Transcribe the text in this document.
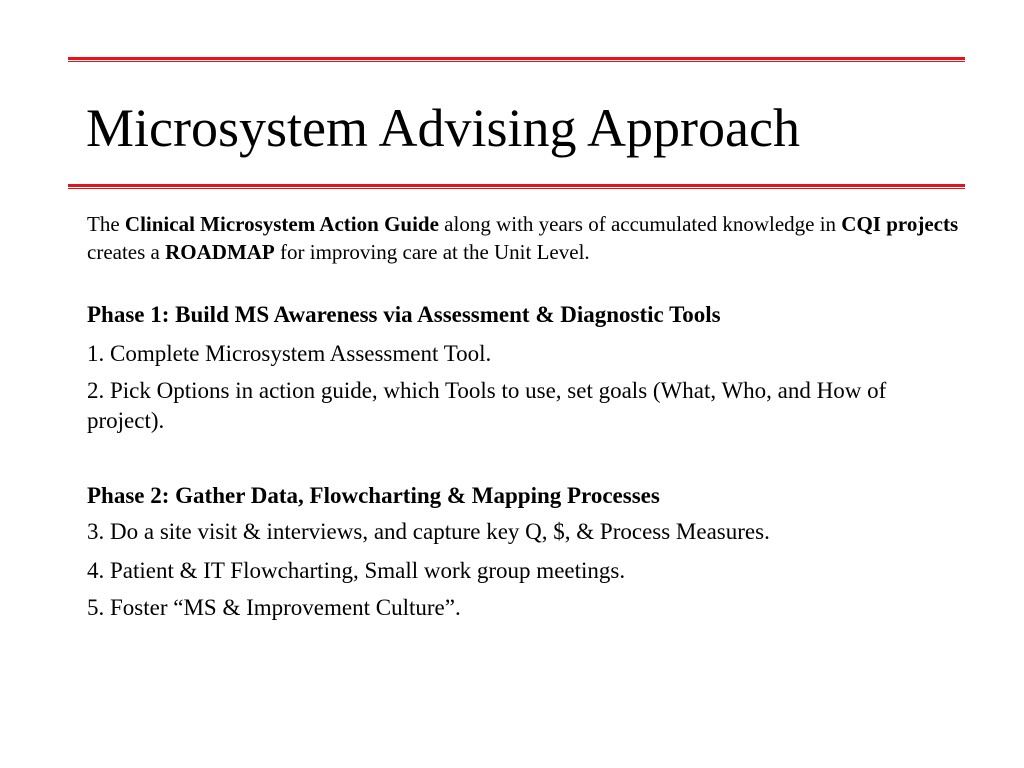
Microsystem Advising Approach

The Clinical Microsystem Action Guide along with years of accumulated knowledge in CQI projects creates a ROADMAP for improving care at the Unit Level.

Phase 1: Build MS Awareness via Assessment & Diagnostic Tools

1. Complete Microsystem Assessment Tool.

2. Pick Options in action guide, which Tools to use, set goals (What, Who, and How of project).

Phase 2: Gather Data, Flowcharting & Mapping Processes

3. Do a site visit & interviews, and capture key Q, $, & Process Measures.

4. Patient & IT Flowcharting, Small work group meetings.

5. Foster “MS & Improvement Culture”.
